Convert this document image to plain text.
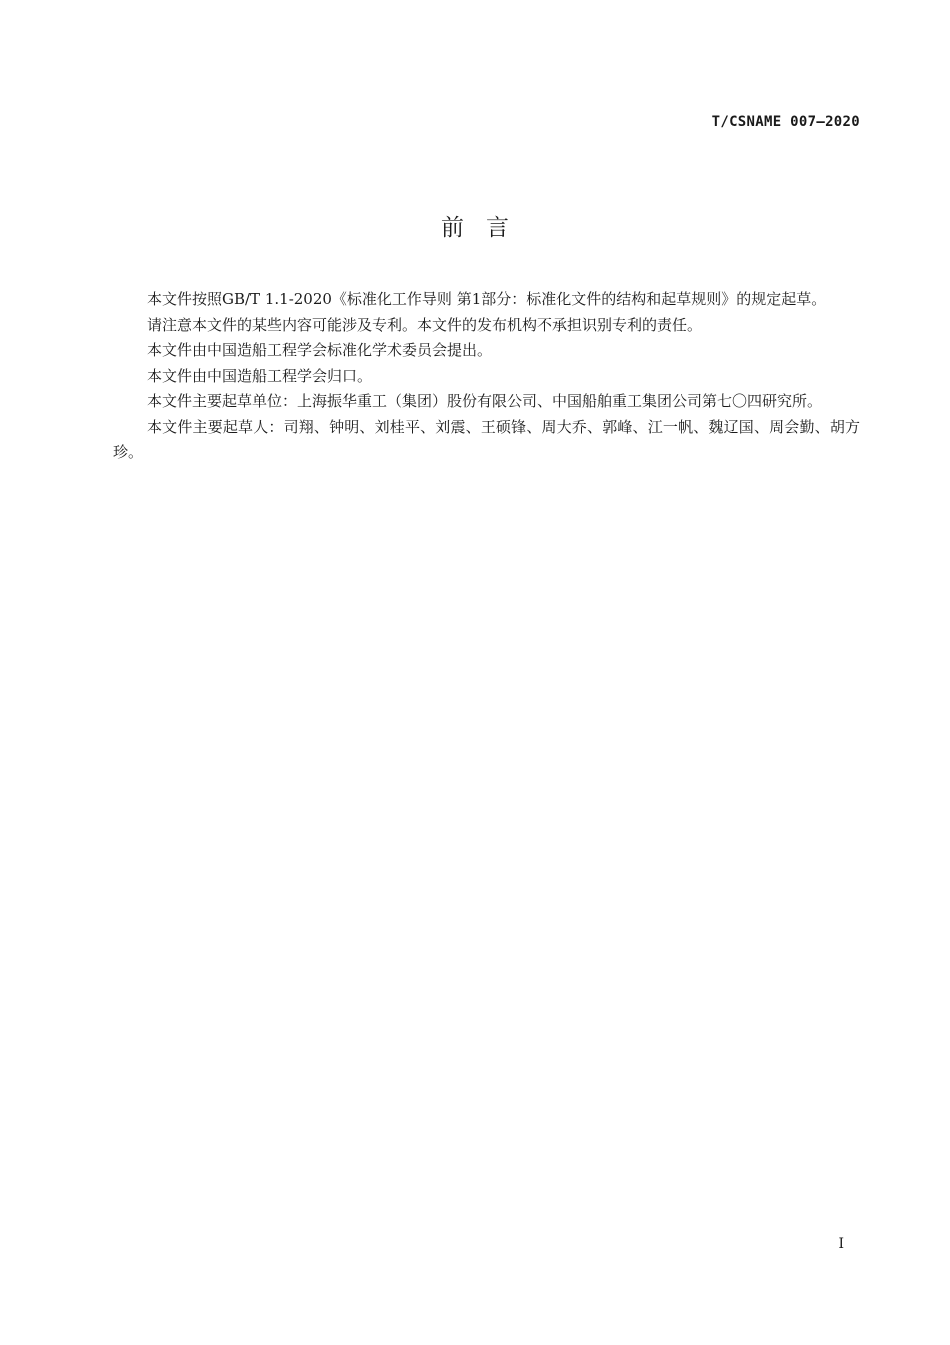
T/CSNAME 007—2020
前言

本文件按照GB/T 1.1-2020《标准化工作导则 第1部分：标准化文件的结构和起草规则》的规定起草。

请注意本文件的某些内容可能涉及专利。本文件的发布机构不承担识别专利的责任。

本文件由中国造船工程学会标准化学术委员会提出。

本文件由中国造船工程学会归口。

本文件主要起草单位：上海振华重工（集团）股份有限公司、中国船舶重工集团公司第七〇四研究所。

本文件主要起草人：司翔、钟明、刘桂平、刘震、王硕锋、周大乔、郭峰、江一帆、魏辽国、周会勤、胡方珍。

I
